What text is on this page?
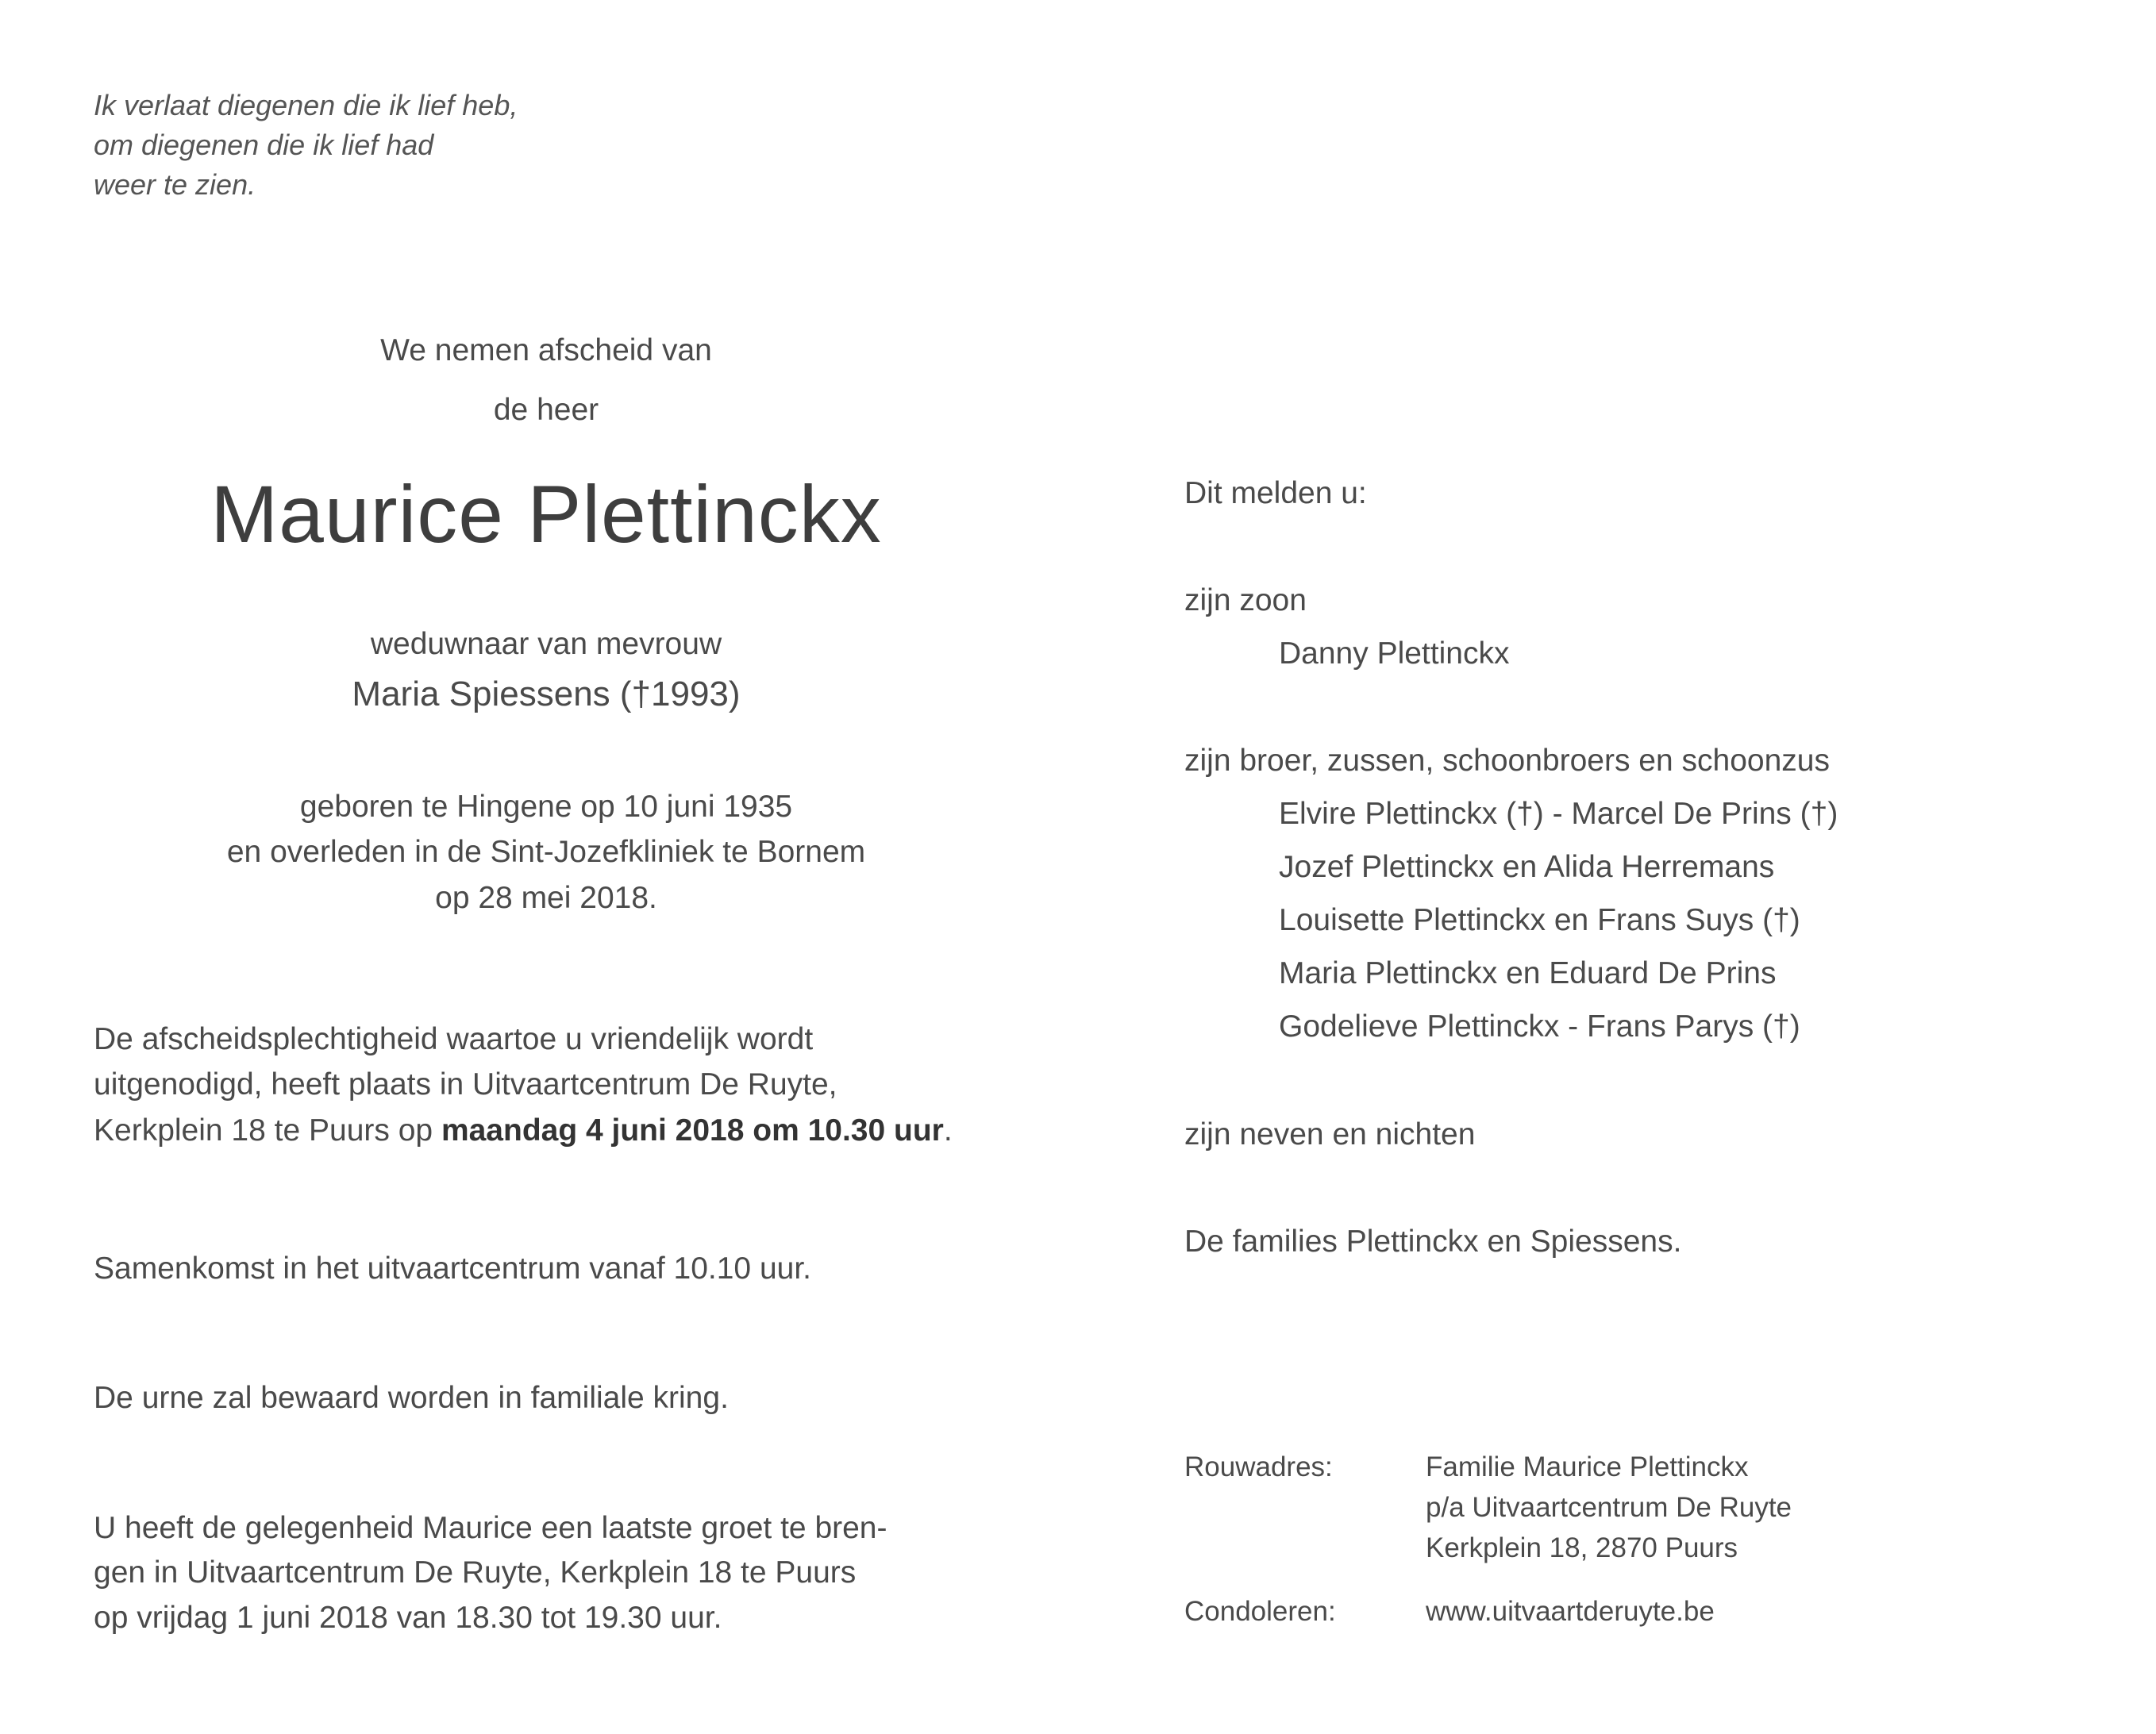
Ik verlaat diegenen die ik lief heb,
om diegenen die ik lief had
weer te zien.
We nemen afscheid van
de heer
Maurice Plettinckx
weduwnaar van mevrouw
Maria Spiessens (†1993)
geboren te Hingene op 10 juni 1935
en overleden in de Sint-Jozefkliniek te Bornem
op 28 mei 2018.
De afscheidsplechtigheid waartoe u vriendelijk wordt
uitgenodigd, heeft plaats in Uitvaartcentrum De Ruyte,
Kerkplein 18 te Puurs op maandag 4 juni 2018 om 10.30 uur.
Samenkomst in het uitvaartcentrum vanaf 10.10 uur.
De urne zal bewaard worden in familiale kring.
U heeft de gelegenheid Maurice een laatste groet te bren-
gen in Uitvaartcentrum De Ruyte, Kerkplein 18 te Puurs
op vrijdag 1 juni 2018 van 18.30 tot 19.30 uur.
Dit melden u:
zijn zoon
Danny Plettinckx
zijn broer, zussen, schoonbroers en schoonzus
Elvire Plettinckx (†) - Marcel De Prins (†)
Jozef Plettinckx en Alida Herremans
Louisette Plettinckx en Frans Suys (†)
Maria Plettinckx en Eduard De Prins
Godelieve Plettinckx - Frans Parys (†)
zijn neven en nichten
De families Plettinckx en Spiessens.
Rouwadres:	Familie Maurice Plettinckx
p/a Uitvaartcentrum De Ruyte
Kerkplein 18, 2870 Puurs
Condoleren:	www.uitvaartderuyte.be
